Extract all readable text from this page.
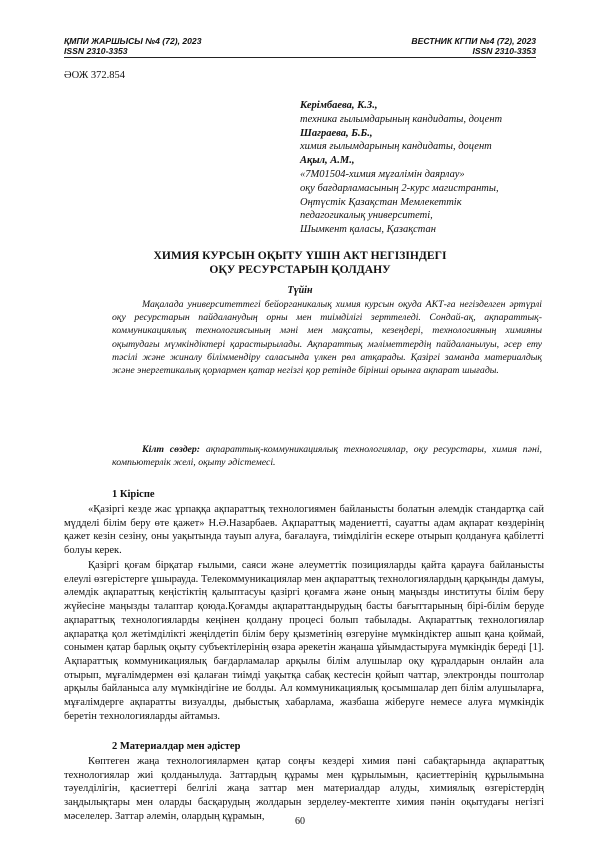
ҚМПИ ЖАРШЫСЫ №4 (72), 2023
ISSN 2310-3353
ВЕСТНИК КГПИ №4 (72), 2023
ISSN 2310-3353
ӘОЖ 372.854
Керімбаева, К.З.,
техника ғылымдарының кандидаты, доцент
Шаграева, Б.Б.,
химия ғылымдарының кандидаты, доцент
Ақыл, А.М.,
«7М01504-химия мұғалімін даярлау»
оқу бағдарламасының 2-курс магистранты,
Оңтүстік Қазақстан Мемлекеттік
педагогикалық университеті,
Шымкент қаласы, Қазақстан
ХИМИЯ КУРСЫН ОҚЫТУ ҮШІН АКТ НЕГІЗІНДЕГІ
ОҚУ РЕСУРСТАРЫН ҚОЛДАНУ
Түйін
Мақалада университеттегі бейорганикалық химия курсын оқуда АКТ-ға негізделген әртүрлі оқу ресурстарын пайдаланудың орны мен тиімділігі зерттеледі. Сондай-ақ, ақпараттық-коммуникациялық технологиясының мәні мен мақсаты, кезеңдері, технологияның химияны оқытудағы мүмкіндіктері қарастырылады. Ақпараттық мәліметтердің пайдаланылуы, әсер ету тәсілі және жиналу біліммендіру саласында үлкен рөл атқарады. Қазіргі заманда материалдық және энергетикалық қорлармен қатар негізгі қор ретінде бірінші орынға ақпарат шығады.
Кілт сөздер: ақпараттық-коммуникациялық технологиялар, оқу ресурстары, химия пәні, компьютерлік желі, оқыту әдістемесі.
1 Кіріспе
«Қазіргі кезде жас ұрпаққа ақпараттық технологиямен байланысты болатын әлемдік стандартқа сай мүдделі білім беру өте қажет» Н.Ә.Назарбаев. Ақпараттық мәдениетті, сауатты адам ақпарат көздерінің қажет кезін сезіну, оны уақытында тауып алуға, бағалауға, тиімділігін ескере отырып қолдануға қабілетті болуы керек.
Қазіргі қоғам бірқатар ғылыми, саяси және әлеуметтік позицияларды қайта қарауға байланысты елеулі өзгерістерге ұшырауда. Телекоммуникациялар мен ақпараттық технологиялардың қарқынды дамуы, әлемдік ақпараттық кеңістіктің қалыптасуы қазіргі қоғамға және оның маңызды институты білім беру жүйесіне маңызды талаптар қоюда.Қоғамды ақпараттандырудың басты бағыттарының бірі-білім беруде ақпараттық технологияларды кеңінен қолдану процесі болып табылады. Ақпараттық технологиялар ақпаратқа қол жетімділікті жеңілдетіп білім беру қызметінің өзгеруіне мүмкіндіктер ашып қана қоймай, сонымен қатар барлық оқыту субъектілерінің өзара әрекетін жаңаша ұйымдастыруға мүмкіндік береді [1]. Ақпараттық коммуникациялық бағдарламалар арқылы білім алушылар оқу құралдарын онлайн ала отырып, мұғалімдермен өзі қалаған тиімді уақытқа сабақ кестесін қойып чаттар, электронды поштолар арқылы байланыса алу мүмкіндігіне ие болды. Ал коммуникациялық қосымшалар деп білім алушыларға, мұғалімдерге ақпаратты визуалды, дыбыстық хабарлама, жазбаша жіберуге немесе алуға мүмкіндік беретін технологияларды айтамыз.
2 Материалдар мен әдістер
Көптеген жаңа технологиялармен қатар соңғы кездері химия пәні сабақтарында ақпараттық технологиялар жиі қолданылуда. Заттардың құрамы мен құрылымын, қасиеттерінің құрылымына тәуелділігін, қасиеттері белгілі жаңа заттар мен материалдар алуды, химиялық өзгерістердің заңдылықтары мен оларды басқарудың жолдарын зерделеу-мектепте химия пәнін оқытудағы негізгі мәселелер. Заттар әлемін, олардың құрамын,	60
